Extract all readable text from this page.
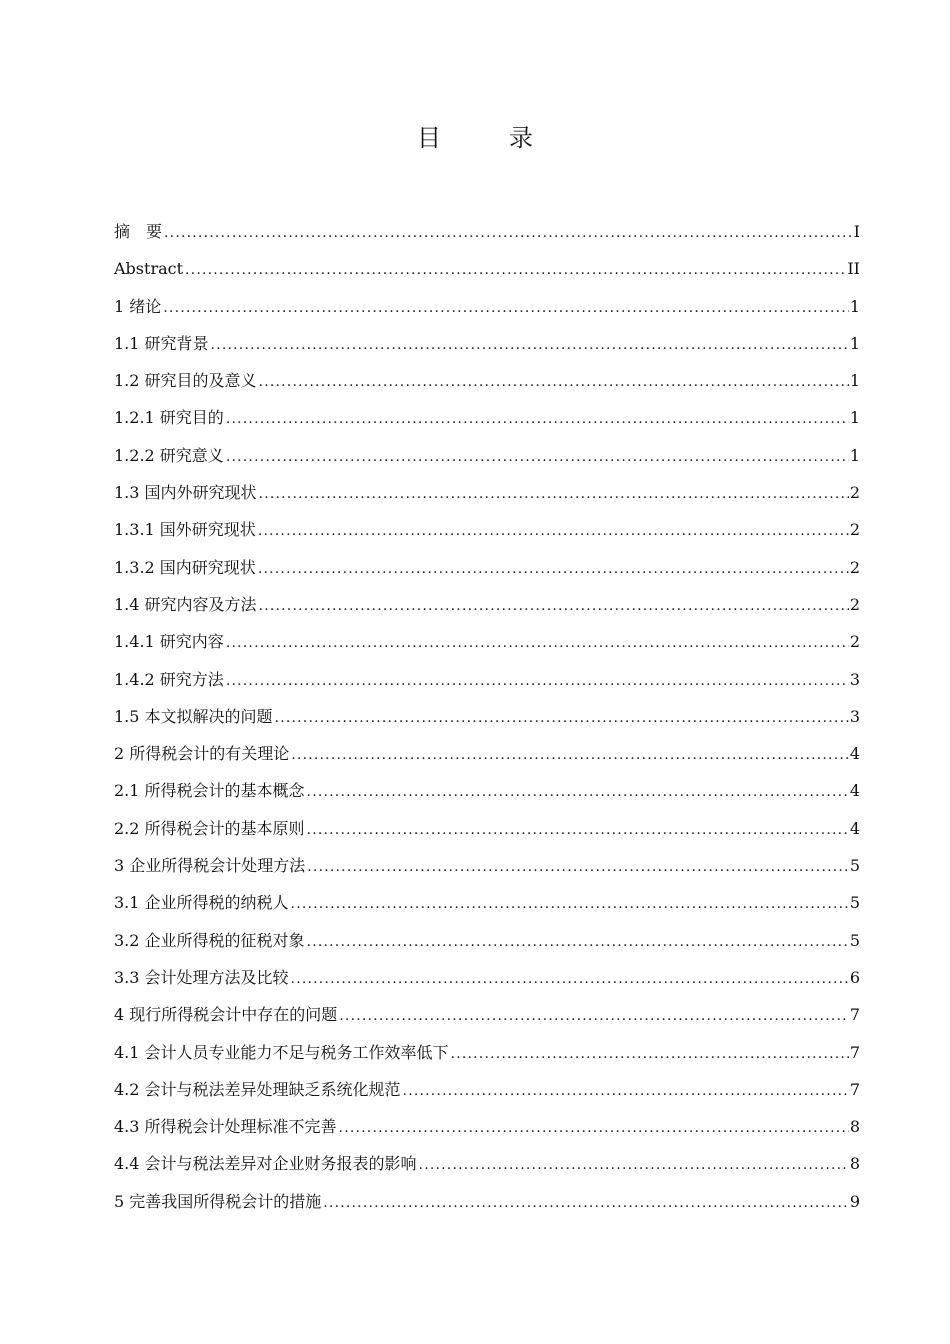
目　录
摘　要 .....	I
Abstract .....	II
1 绪论 .....	1
1.1 研究背景 .....	1
1.2 研究目的及意义 .....	1
1.2.1 研究目的 .....	1
1.2.2 研究意义 .....	1
1.3 国内外研究现状 .....	2
1.3.1 国外研究现状 .....	2
1.3.2 国内研究现状 .....	2
1.4 研究内容及方法 .....	2
1.4.1 研究内容 .....	2
1.4.2 研究方法 .....	3
1.5 本文拟解决的问题 .....	3
2 所得税会计的有关理论 .....	4
2.1 所得税会计的基本概念 .....	4
2.2 所得税会计的基本原则 .....	4
3 企业所得税会计处理方法 .....	5
3.1 企业所得税的纳税人 .....	5
3.2 企业所得税的征税对象 .....	5
3.3 会计处理方法及比较 .....	6
4 现行所得税会计中存在的问题 .....	7
4.1 会计人员专业能力不足与税务工作效率低下 .....	7
4.2 会计与税法差异处理缺乏系统化规范 .....	7
4.3 所得税会计处理标准不完善 .....	8
4.4 会计与税法差异对企业财务报表的影响 .....	8
5 完善我国所得税会计的措施 .....	9
